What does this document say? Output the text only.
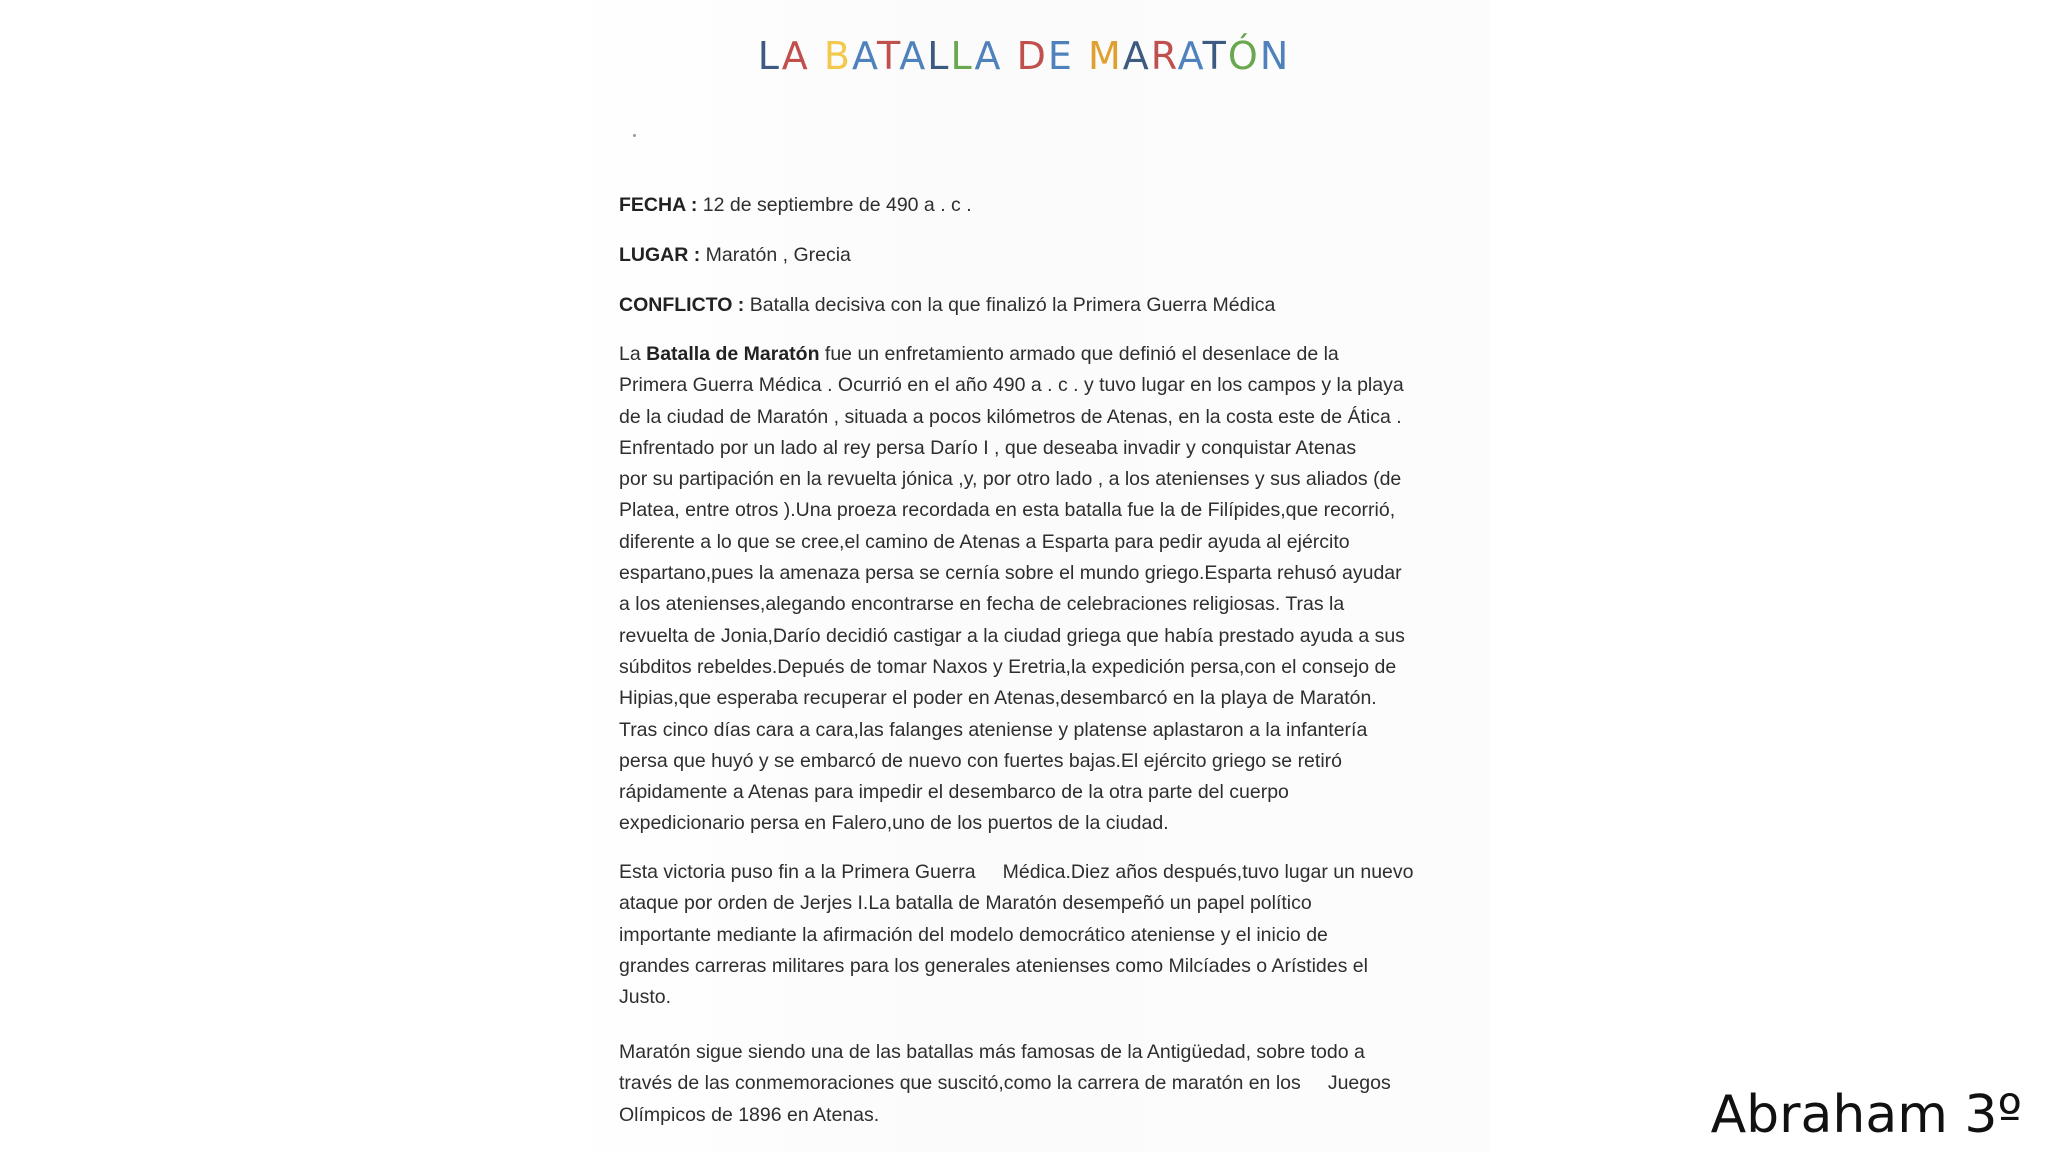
LA BATALLA DE MARATÓN
FECHA : 12 de septiembre de 490 a . c .
LUGAR : Maratón , Grecia
CONFLICTO : Batalla decisiva con la que finalizó la Primera Guerra Médica
La Batalla de Maratón fue un enfretamiento armado que definió el desenlace de la
Primera Guerra Médica . Ocurrió en el año 490 a . c . y tuvo lugar en los campos y la playa
de la ciudad de Maratón , situada a pocos kilómetros de Atenas, en la costa este de Ática .
Enfrentado por un lado al rey persa Darío I , que deseaba invadir y conquistar Atenas
por su partipación en la revuelta jónica ,y, por otro lado , a los atenienses y sus aliados (de
Platea, entre otros ).Una proeza recordada en esta batalla fue la de Filípides,que recorrió,
diferente a lo que se cree,el camino de Atenas a Esparta para pedir ayuda al ejército
espartano,pues la amenaza persa se cernía sobre el mundo griego.Esparta rehusó ayudar
a los atenienses,alegando encontrarse en fecha de celebraciones religiosas. Tras la
revuelta de Jonia,Darío decidió castigar a la ciudad griega que había prestado ayuda a sus
súbditos rebeldes.Depués de tomar Naxos y Eretria,la expedición persa,con el consejo de
Hipias,que esperaba recuperar el poder en Atenas,desembarcó en la playa de Maratón.
Tras cinco días cara a cara,las falanges ateniense y platense aplastaron a la infantería
persa que huyó y se embarcó de nuevo con fuertes bajas.El ejército griego se retiró
rápidamente a Atenas para impedir el desembarco de la otra parte del cuerpo
expedicionario persa en Falero,uno de los puertos de la ciudad.
Esta victoria puso fin a la Primera Guerra     Médica.Diez años después,tuvo lugar un nuevo
ataque por orden de Jerjes I.La batalla de Maratón desempeñó un papel político
importante mediante la afirmación del modelo democrático ateniense y el inicio de
grandes carreras militares para los generales atenienses como Milcíades o Arístides el
Justo.
Maratón sigue siendo una de las batallas más famosas de la Antigüedad, sobre todo a
través de las conmemoraciones que suscitó,como la carrera de maratón en los     Juegos
Olímpicos de 1896 en Atenas.	Abraham 3º
